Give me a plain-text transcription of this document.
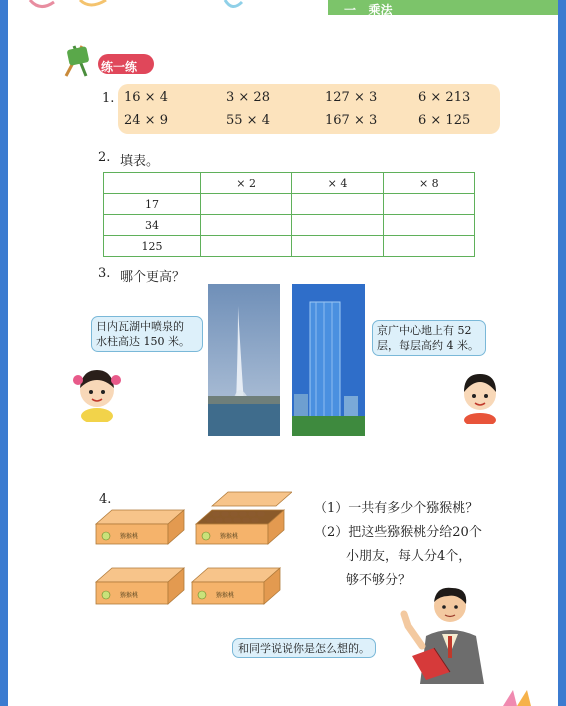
一   乘法
练一练
1. 16 × 4	3 × 28	127 × 3	6 × 213
24 × 9	55 × 4	167 × 3	6 × 125
2. 填表。
	× 2	× 4	× 8
17			
34			
125			
3. 哪个更高？
日内瓦湖中喷泉的
水柱高达 150 米。
京广中心地上有 52
层，每层高约 4 米。
4.
猕猴桃	猕猴桃
猕猴桃	猕猴桃
（1）一共有多少个猕猴桃？
（2）把这些猕猴桃分给20个
小朋友，每人分4个，
够不够分？
和同学说说你是怎么想的。
